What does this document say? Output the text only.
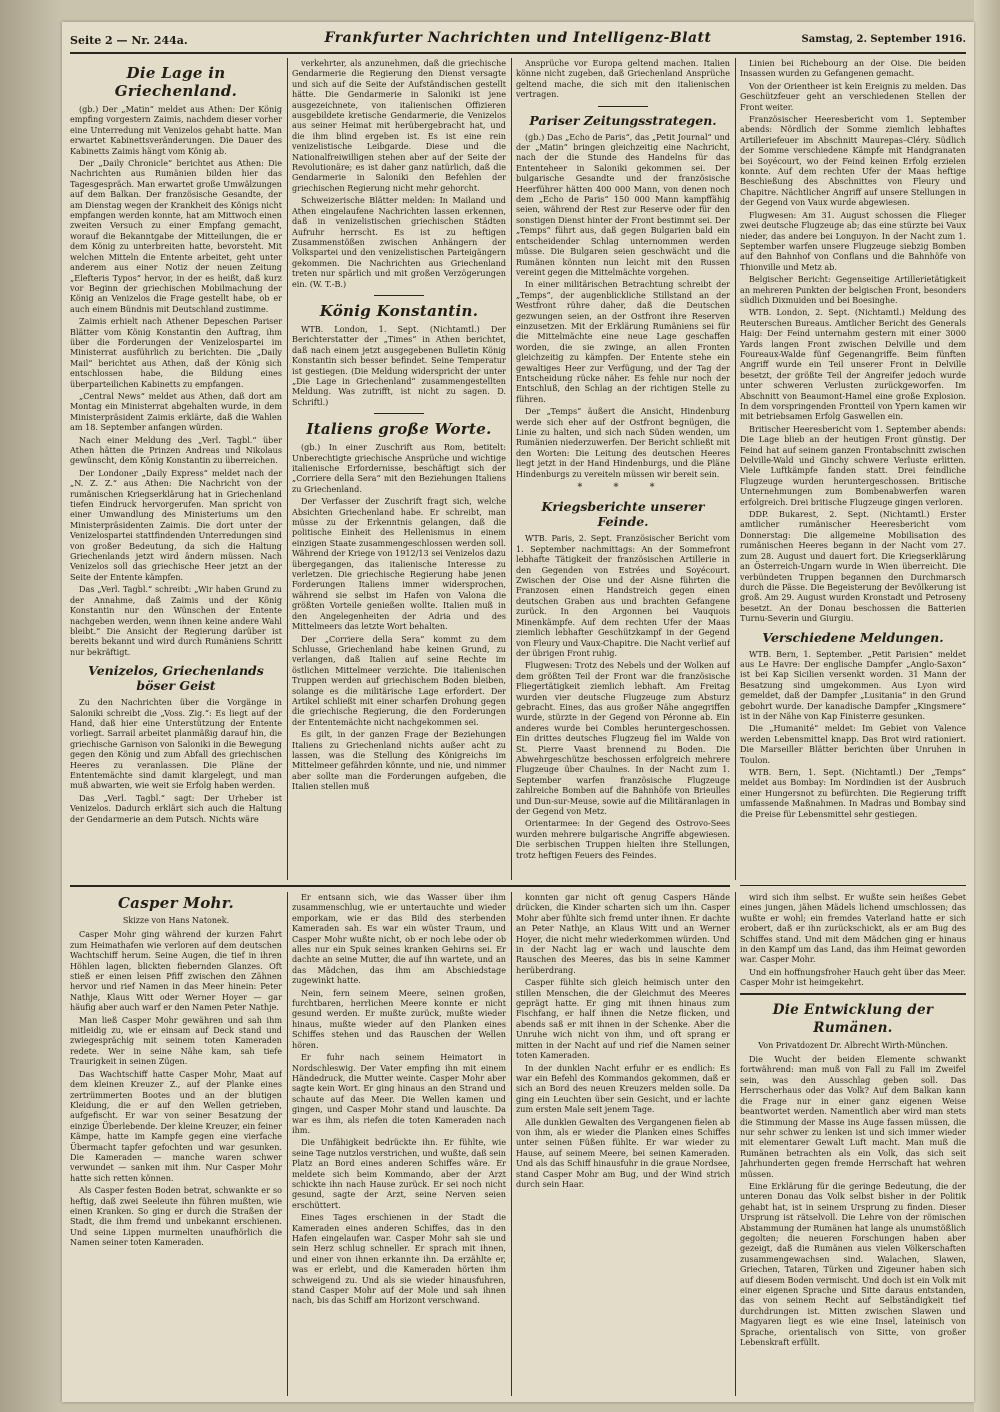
Seite 2 — Nr. 244a.	Frankfurter Nachrichten und Intelligenz-Blatt	Samstag, 2. September 1916.
Die Lage in Griechenland.

(gb.) Der „Matin“ meldet aus Athen: Der König empfing vorgestern Zaimis, nachdem dieser vorher eine Unterredung mit Venizelos gehabt hatte. Man erwartet Kabinettsveränderungen. Die Dauer des Kabinetts Zaimis hängt vom König ab.

Der „Daily Chronicle“ berichtet aus Athen: Die Nachrichten aus Rumänien bilden hier das Tagesgespräch. Man erwartet große Umwälzungen auf dem Balkan. Der französische Gesandte, der am Dienstag wegen der Krankheit des Königs nicht empfangen werden konnte, hat am Mittwoch einen zweiten Versuch zu einer Empfang gemacht, worauf die Bekanntgabe der Mitteilungen, die er dem König zu unterbreiten hatte, bevorsteht. Mit welchen Mitteln die Entente arbeitet, geht unter anderem aus einer Notiz der neuen Zeitung „Elefteris Typos“ hervor, in der es heißt, daß kurz vor Beginn der griechischen Mobilmachung der König an Venizelos die Frage gestellt habe, ob er auch einem Bündnis mit Deutschland zustimme.

Zaimis erhielt nach Athener Depeschen Pariser Blätter vom König Konstantin den Auftrag, ihm über die Forderungen der Venizelospartei im Ministerrat ausführlich zu berichten. Die „Daily Mail“ berichtet aus Athen, daß der König sich entschlossen habe, die Bildung eines überparteilichen Kabinetts zu empfangen.

„Central News“ meldet aus Athen, daß dort am Montag ein Ministerrat abgehalten wurde, in dem Ministerpräsident Zaimis erklärte, daß die Wahlen am 18. September anfangen würden.

Nach einer Meldung des „Verl. Tagbl.“ über Athen hätten die Prinzen Andreas und Nikolaus gewünscht, dem König Konstantin zu überreichen.

Der Londoner „Daily Express“ meldet nach der „N. Z. Z.“ aus Athen: Die Nachricht von der rumänischen Kriegserklärung hat in Griechenland tiefen Eindruck hervorgerufen. Man spricht von einer Umwandlung des Ministeriums um den Ministerpräsidenten Zaimis. Die dort unter der Venizelospartei stattfindenden Unterredungen sind von großer Bedeutung, da sich die Haltung Griechenlands jetzt wird ändern müssen. Nach Venizelos soll das griechische Heer jetzt an der Seite der Entente kämpfen.

Das „Verl. Tagbl.“ schreibt: „Wir haben Grund zu der Annahme, daß Zaimis und der König Konstantin nur den Wünschen der Entente nachgeben werden, wenn ihnen keine andere Wahl bleibt.“ Die Ansicht der Regierung darüber ist bereits bekannt und wird durch Rumäniens Schritt nur bekräftigt.

Venizelos, Griechenlands böser Geist

Zu den Nachrichten über die Vorgänge in Saloniki schreibt die „Voss. Zig.“: Es liegt auf der Hand, daß hier eine Unterstützung der Entente vorliegt. Sarrail arbeitet planmäßig darauf hin, die griechische Garnison von Saloniki in die Bewegung gegen den König und zum Abfall des griechischen Heeres zu veranlassen. Die Pläne der Ententemächte sind damit klargelegt, und man muß abwarten, wie weit sie Erfolg haben werden.

Das „Verl. Tagbl.“ sagt: Der Urheber ist Venizelos. Dadurch erklärt sich auch die Haltung der Gendarmerie an dem Putsch. Nichts wäre

verkehrter, als anzunehmen, daß die griechische Gendarmerie die Regierung den Dienst versagte und sich auf die Seite der Aufständischen gestellt hätte. Die Gendarmerie in Saloniki ist jene ausgezeichnete, von italienischen Offizieren ausgebildete kretische Gendarmerie, die Venizelos aus seiner Heimat mit herübergebracht hat, und die ihm blind ergeben ist. Es ist eine rein venizelistische Leibgarde. Diese und die Nationalfreiwilligen stehen aber auf der Seite der Revolutionäre; es ist daher ganz natürlich, daß die Gendarmerie in Saloniki den Befehlen der griechischen Regierung nicht mehr gehorcht.

Schweizerische Blätter melden: In Mailand und Athen eingelaufene Nachrichten lassen erkennen, daß in venizelistischen griechischen Städten Aufruhr herrscht. Es ist zu heftigen Zusammenstößen zwischen Anhängern der Volkspartei und den venizelistischen Parteigängern gekommen. Die Nachrichten aus Griechenland treten nur spärlich und mit großen Verzögerungen ein. (W. T.-B.)

König Konstantin.

WTB. London, 1. Sept. (Nichtamtl.) Der Berichterstatter der „Times“ in Athen berichtet, daß nach einem jetzt ausgegebenen Bulletin König Konstantin sich besser befindet. Seine Temperatur ist gestiegen. (Die Meldung widerspricht der unter „Die Lage in Griechenland“ zusammengestellten Meldung. Was zutrifft, ist nicht zu sagen. D. Schriftl.)

Italiens große Worte.

(gb.) In einer Zuschrift aus Rom, betitelt: Unberechtigte griechische Ansprüche und wichtige italienische Erfordernisse, beschäftigt sich der „Corriere della Sera“ mit den Beziehungen Italiens zu Griechenland.

Der Verfasser der Zuschrift fragt sich, welche Absichten Griechenland habe. Er schreibt, man müsse zu der Erkenntnis gelangen, daß die politische Einheit des Hellenismus in einem einzigen Staate zusammengeschlossen werden soll. Während der Kriege von 1912/13 sei Venizelos dazu übergegangen, das italienische Interesse zu verletzen. Die griechische Regierung habe jenen Forderungen Italiens immer widersprochen, während sie selbst im Hafen von Valona die größten Vorteile genießen wollte. Italien muß in den Angelegenheiten der Adria und des Mittelmeers das letzte Wort behalten.

Der „Corriere della Sera“ kommt zu dem Schlusse, Griechenland habe keinen Grund, zu verlangen, daß Italien auf seine Rechte im östlichen Mittelmeer verzichte. Die italienischen Truppen werden auf griechischem Boden bleiben, solange es die militärische Lage erfordert. Der Artikel schließt mit einer scharfen Drohung gegen die griechische Regierung, die den Forderungen der Ententemächte nicht nachgekommen sei.

Es gilt, in der ganzen Frage der Beziehungen Italiens zu Griechenland nichts außer acht zu lassen, was die Stellung des Königreichs im Mittelmeer gefährden könnte, und nie, und nimmer aber sollte man die Forderungen aufgeben, die Italien stellen muß

Ansprüche vor Europa geltend machen. Italien könne nicht zugeben, daß Griechenland Ansprüche geltend mache, die sich mit den italienischen vertragen.

Pariser Zeitungsstrategen.

(gb.) Das „Echo de Paris“, das „Petit Journal“ und der „Matin“ bringen gleichzeitig eine Nachricht, nach der die Stunde des Handelns für das Ententeheer in Saloniki gekommen sei. Der bulgarische Gesandte und der französische Heerführer hätten 400 000 Mann, von denen noch dem „Echo de Paris“ 150 000 Mann kampffähig seien, während der Rest zur Reserve oder für den sonstigen Dienst hinter der Front bestimmt sei. Der „Temps“ führt aus, daß gegen Bulgarien bald ein entscheidender Schlag unternommen werden müsse. Die Bulgaren seien geschwächt und die Rumänen könnten nun leicht mit den Russen vereint gegen die Mittelmächte vorgehen.

In einer militärischen Betrachtung schreibt der „Temps“, der augenblickliche Stillstand an der Westfront rühre daher, daß die Deutschen gezwungen seien, an der Ostfront ihre Reserven einzusetzen. Mit der Erklärung Rumäniens sei für die Mittelmächte eine neue Lage geschaffen worden, die sie zwinge, an allen Fronten gleichzeitig zu kämpfen. Der Entente stehe ein gewaltiges Heer zur Verfügung, und der Tag der Entscheidung rücke näher. Es fehle nur noch der Entschluß, den Schlag an der richtigen Stelle zu führen.

Der „Temps“ äußert die Ansicht, Hindenburg werde sich eher auf der Ostfront begnügen, die Linie zu halten, und sich nach Süden wenden, um Rumänien niederzuwerfen. Der Bericht schließt mit den Worten: Die Leitung des deutschen Heeres liegt jetzt in der Hand Hindenburgs, und die Pläne Hindenburgs zu vereiteln müssen wir bereit sein.

* * *
Kriegsberichte unserer Feinde.

WTB. Paris, 2. Sept. Französischer Bericht vom 1. September nachmittags: An der Sommefront lebhafte Tätigkeit der französischen Artillerie in den Gegenden von Estrées und Soyécourt. Zwischen der Oise und der Aisne führten die Franzosen einen Handstreich gegen einen deutschen Graben aus und brachten Gefangene zurück. In den Argonnen bei Vauquois Minenkämpfe. Auf dem rechten Ufer der Maas ziemlich lebhafter Geschützkampf in der Gegend von Fleury und Vaux-Chapitre. Die Nacht verlief auf der übrigen Front ruhig.

Flugwesen: Trotz des Nebels und der Wolken auf dem größten Teil der Front war die französische Fliegertätigkeit ziemlich lebhaft. Am Freitag wurden vier deutsche Flugzeuge zum Absturz gebracht. Eines, das aus großer Nähe angegriffen wurde, stürzte in der Gegend von Péronne ab. Ein anderes wurde bei Combles heruntergeschossen. Ein drittes deutsches Flugzeug fiel im Walde von St. Pierre Vaast brennend zu Boden. Die Abwehrgeschütze beschossen erfolgreich mehrere Flugzeuge über Chaulnes. In der Nacht zum 1. September warfen französische Flugzeuge zahlreiche Bomben auf die Bahnhöfe von Brieulles und Dun-sur-Meuse, sowie auf die Militäranlagen in der Gegend von Metz.

Orientarmee: In der Gegend des Ostrovo-Sees wurden mehrere bulgarische Angriffe abgewiesen. Die serbischen Truppen hielten ihre Stellungen, trotz heftigen Feuers des Feindes.

Linien bei Richebourg an der Oise. Die beiden Insassen wurden zu Gefangenen gemacht.

Von der Orientheer ist kein Ereignis zu melden. Das Geschützfeuer geht an verschiedenen Stellen der Front weiter.

Französischer Heeresbericht vom 1. September abends: Nördlich der Somme ziemlich lebhaftes Artilleriefeuer im Abschnitt Maurepas–Cléry. Südlich der Somme verschiedene Kämpfe mit Handgranaten bei Soyécourt, wo der Feind keinen Erfolg erzielen konnte. Auf dem rechten Ufer der Maas heftige Beschießung des Abschnittes von Fleury und Chapitre. Nächtlicher Angriff auf unsere Stellungen in der Gegend von Vaux wurde abgewiesen.

Flugwesen: Am 31. August schossen die Flieger zwei deutsche Flugzeuge ab; das eine stürzte bei Vaux nieder, das andere bei Longuyon. In der Nacht zum 1. September warfen unsere Flugzeuge siebzig Bomben auf den Bahnhof von Conflans und die Bahnhöfe von Thionville und Metz ab.

Belgischer Bericht: Gegenseitige Artillerietätigkeit an mehreren Punkten der belgischen Front, besonders südlich Dixmuiden und bei Boesinghe.

WTB. London, 2. Sept. (Nichtamtl.) Meldung des Reuterschen Bureaus. Amtlicher Bericht des Generals Haig: Der Feind unternahm gestern mit einer 3000 Yards langen Front zwischen Delville und dem Foureaux-Walde fünf Gegenangriffe. Beim fünften Angriff wurde ein Teil unserer Front in Delville besetzt, der größte Teil der Angreifer jedoch wurde unter schweren Verlusten zurückgeworfen. Im Abschnitt von Beaumont-Hamel eine große Explosion. In dem vorspringenden Frontteil von Ypern kamen wir mit betriebsamen Erfolg Gaswellen ein.

Britischer Heeresbericht vom 1. September abends: Die Lage blieb an der heutigen Front günstig. Der Feind hat auf seinem ganzen Frontabschnitt zwischen Delville-Wald und Ginchy schwere Verluste erlitten. Viele Luftkämpfe fanden statt. Drei feindliche Flugzeuge wurden heruntergeschossen. Britische Unternehmungen zum Bombenabwerfen waren erfolgreich. Drei britische Flugzeuge gingen verloren.

DDP. Bukarest, 2. Sept. (Nichtamtl.) Erster amtlicher rumänischer Heeresbericht vom Donnerstag: Die allgemeine Mobilisation des rumänischen Heeres begann in der Nacht vom 27. zum 28. August und dauert fort. Die Kriegserklärung an Österreich-Ungarn wurde in Wien überreicht. Die verbündeten Truppen begannen den Durchmarsch durch die Pässe. Die Begeisterung der Bevölkerung ist groß. Am 29. August wurden Kronstadt und Petroseny besetzt. An der Donau beschossen die Batterien Turnu-Severin und Giurgiu.

Verschiedene Meldungen.

WTB. Bern, 1. September. „Petit Parisien“ meldet aus Le Havre: Der englische Dampfer „Anglo-Saxon“ ist bei Kap Sicilien versenkt worden. 31 Mann der Besatzung sind umgekommen. Aus Lyon wird gemeldet, daß der Dampfer „Lusitania“ in den Grund gebohrt wurde. Der kanadische Dampfer „Kingsmere“ ist in der Nähe von Kap Finisterre gesunken.

Die „Humanité“ meldet: Im Gebiet von Valence werden Lebensmittel knapp. Das Brot wird rationiert. Die Marseiller Blätter berichten über Unruhen in Toulon.

WTB. Bern, 1. Sept. (Nichtamtl.) Der „Temps“ meldet aus Bombay: Im Nordindien ist der Ausbruch einer Hungersnot zu befürchten. Die Regierung trifft umfassende Maßnahmen. In Madras und Bombay sind die Preise für Lebensmittel sehr gestiegen.

Casper Mohr.
Skizze von Hans Natonek.

Casper Mohr ging während der kurzen Fahrt zum Heimathafen wie verloren auf dem deutschen Wachtschiff herum. Seine Augen, die tief in ihren Höhlen lagen, blickten fiebernden Glanzes. Oft stieß er einen leisen Pfiff zwischen den Zähnen hervor und rief Namen in das Meer hinein: Peter Nathje, Klaus Witt oder Werner Hoyer — gar häufig aber auch warf er den Namen Peter Nathje.

Man ließ Casper Mohr gewähren und sah ihm mitleidig zu, wie er einsam auf Deck stand und zwiegesprächig mit seinem toten Kameraden redete. Wer in seine Nähe kam, sah tiefe Traurigkeit in seinen Zügen.

Das Wachtschiff hatte Casper Mohr, Maat auf dem kleinen Kreuzer Z., auf der Planke eines zertrümmerten Bootes und an der blutigen Kleidung, die er auf den Wellen getrieben, aufgefischt. Er war von seiner Besatzung der einzige Überlebende. Der kleine Kreuzer, ein feiner Kämpe, hatte im Kampfe gegen eine vierfache Übermacht tapfer gefochten und war gesunken. Die Kameraden — manche waren schwer verwundet — sanken mit ihm. Nur Casper Mohr hatte sich retten können.

Als Casper festen Boden betrat, schwankte er so heftig, daß zwei Seeleute ihn führen mußten, wie einen Kranken. So ging er durch die Straßen der Stadt, die ihm fremd und unbekannt erschienen. Und seine Lippen murmelten unaufhörlich die Namen seiner toten Kameraden.

Er entsann sich, wie das Wasser über ihm zusammenschlug, wie er untertauchte und wieder emporkam, wie er das Bild des sterbenden Kameraden sah. Es war ein wüster Traum, und Casper Mohr wußte nicht, ob er noch lebe oder ob alles nur ein Spuk seines kranken Gehirns sei. Er dachte an seine Mutter, die auf ihn wartete, und an das Mädchen, das ihm am Abschiedstage zugewinkt hatte.

Nein, fern seinem Meere, seinen großen, furchtbaren, herrlichen Meere konnte er nicht gesund werden. Er mußte zurück, mußte wieder hinaus, mußte wieder auf den Planken eines Schiffes stehen und das Rauschen der Wellen hören.

Er fuhr nach seinem Heimatort in Nordschleswig. Der Vater empfing ihn mit einem Händedruck, die Mutter weinte. Casper Mohr aber sagte kein Wort. Er ging hinaus an den Strand und schaute auf das Meer. Die Wellen kamen und gingen, und Casper Mohr stand und lauschte. Da war es ihm, als riefen die toten Kameraden nach ihm.

Die Unfähigkeit bedrückte ihn. Er fühlte, wie seine Tage nutzlos verstrichen, und wußte, daß sein Platz an Bord eines anderen Schiffes wäre. Er meldete sich beim Kommando, aber der Arzt schickte ihn nach Hause zurück. Er sei noch nicht gesund, sagte der Arzt, seine Nerven seien erschüttert.

Eines Tages erschienen in der Stadt die Kameraden eines anderen Schiffes, das in den Hafen eingelaufen war. Casper Mohr sah sie und sein Herz schlug schneller. Er sprach mit ihnen, und einer von ihnen erkannte ihn. Da erzählte er, was er erlebt, und die Kameraden hörten ihm schweigend zu. Und als sie wieder hinausfuhren, stand Casper Mohr auf der Mole und sah ihnen nach, bis das Schiff am Horizont verschwand.

konnten gar nicht oft genug Caspers Hände drücken, die Kinder scharten sich um ihn. Casper Mohr aber fühlte sich fremd unter ihnen. Er dachte an Peter Nathje, an Klaus Witt und an Werner Hoyer, die nicht mehr wiederkommen würden. Und in der Nacht lag er wach und lauschte dem Rauschen des Meeres, das bis in seine Kammer herüberdrang.

Casper fühlte sich gleich heimisch unter den stillen Menschen, die der Gleichmut des Meeres geprägt hatte. Er ging mit ihnen hinaus zum Fischfang, er half ihnen die Netze flicken, und abends saß er mit ihnen in der Schenke. Aber die Unruhe wich nicht von ihm, und oft sprang er mitten in der Nacht auf und rief die Namen seiner toten Kameraden.

In der dunklen Nacht erfuhr er es endlich: Es war ein Befehl des Kommandos gekommen, daß er sich an Bord des neuen Kreuzers melden solle. Da ging ein Leuchten über sein Gesicht, und er lachte zum ersten Male seit jenem Tage.

Alle dunklen Gewalten des Vergangenen fielen ab von ihm, als er wieder die Planken eines Schiffes unter seinen Füßen fühlte. Er war wieder zu Hause, auf seinem Meere, bei seinen Kameraden. Und als das Schiff hinausfuhr in die graue Nordsee, stand Casper Mohr am Bug, und der Wind strich durch sein Haar.

wird sich ihm selbst. Er wußte sein heißes Gebet eines jungen, jähen Mädels lichend umschlossen; das wußte er wohl; ein fremdes Vaterland hatte er sich erobert, daß er ihn zurückschickt, als er am Bug des Schiffes stand. Und mit dem Mädchen ging er hinaus in den Kampf um das Land, das ihm Heimat geworden war. Casper Mohr.

Und ein hoffnungsfroher Hauch geht über das Meer. Casper Mohr ist heimgekehrt.

Die Entwicklung der Rumänen.
Von Privatdozent Dr. Albrecht Wirth-München.

Die Wucht der beiden Elemente schwankt fortwährend: man muß von Fall zu Fall im Zweifel sein, was den Ausschlag geben soll. Das Herrscherhaus oder das Volk? Auf dem Balkan kann die Frage nur in einer ganz eigenen Weise beantwortet werden. Namentlich aber wird man stets die Stimmung der Masse ins Auge fassen müssen, die nur sehr schwer zu lenken ist und sich immer wieder mit elementarer Gewalt Luft macht. Man muß die Rumänen betrachten als ein Volk, das sich seit Jahrhunderten gegen fremde Herrschaft hat wehren müssen.

Eine Erklärung für die geringe Bedeutung, die der unteren Donau das Volk selbst bisher in der Politik gehabt hat, ist in seinem Ursprung zu finden. Dieser Ursprung ist rätselvoll. Die Lehre von der römischen Abstammung der Rumänen hat lange als unumstößlich gegolten; die neueren Forschungen haben aber gezeigt, daß die Rumänen aus vielen Völkerschaften zusammengewachsen sind. Walachen, Slawen, Griechen, Tataren, Türken und Zigeuner haben sich auf diesem Boden vermischt. Und doch ist ein Volk mit einer eigenen Sprache und Sitte daraus entstanden, das von seinem Recht auf Selbständigkeit tief durchdrungen ist. Mitten zwischen Slawen und Magyaren liegt es wie eine Insel, lateinisch von Sprache, orientalisch von Sitte, von großer Lebenskraft erfüllt.
